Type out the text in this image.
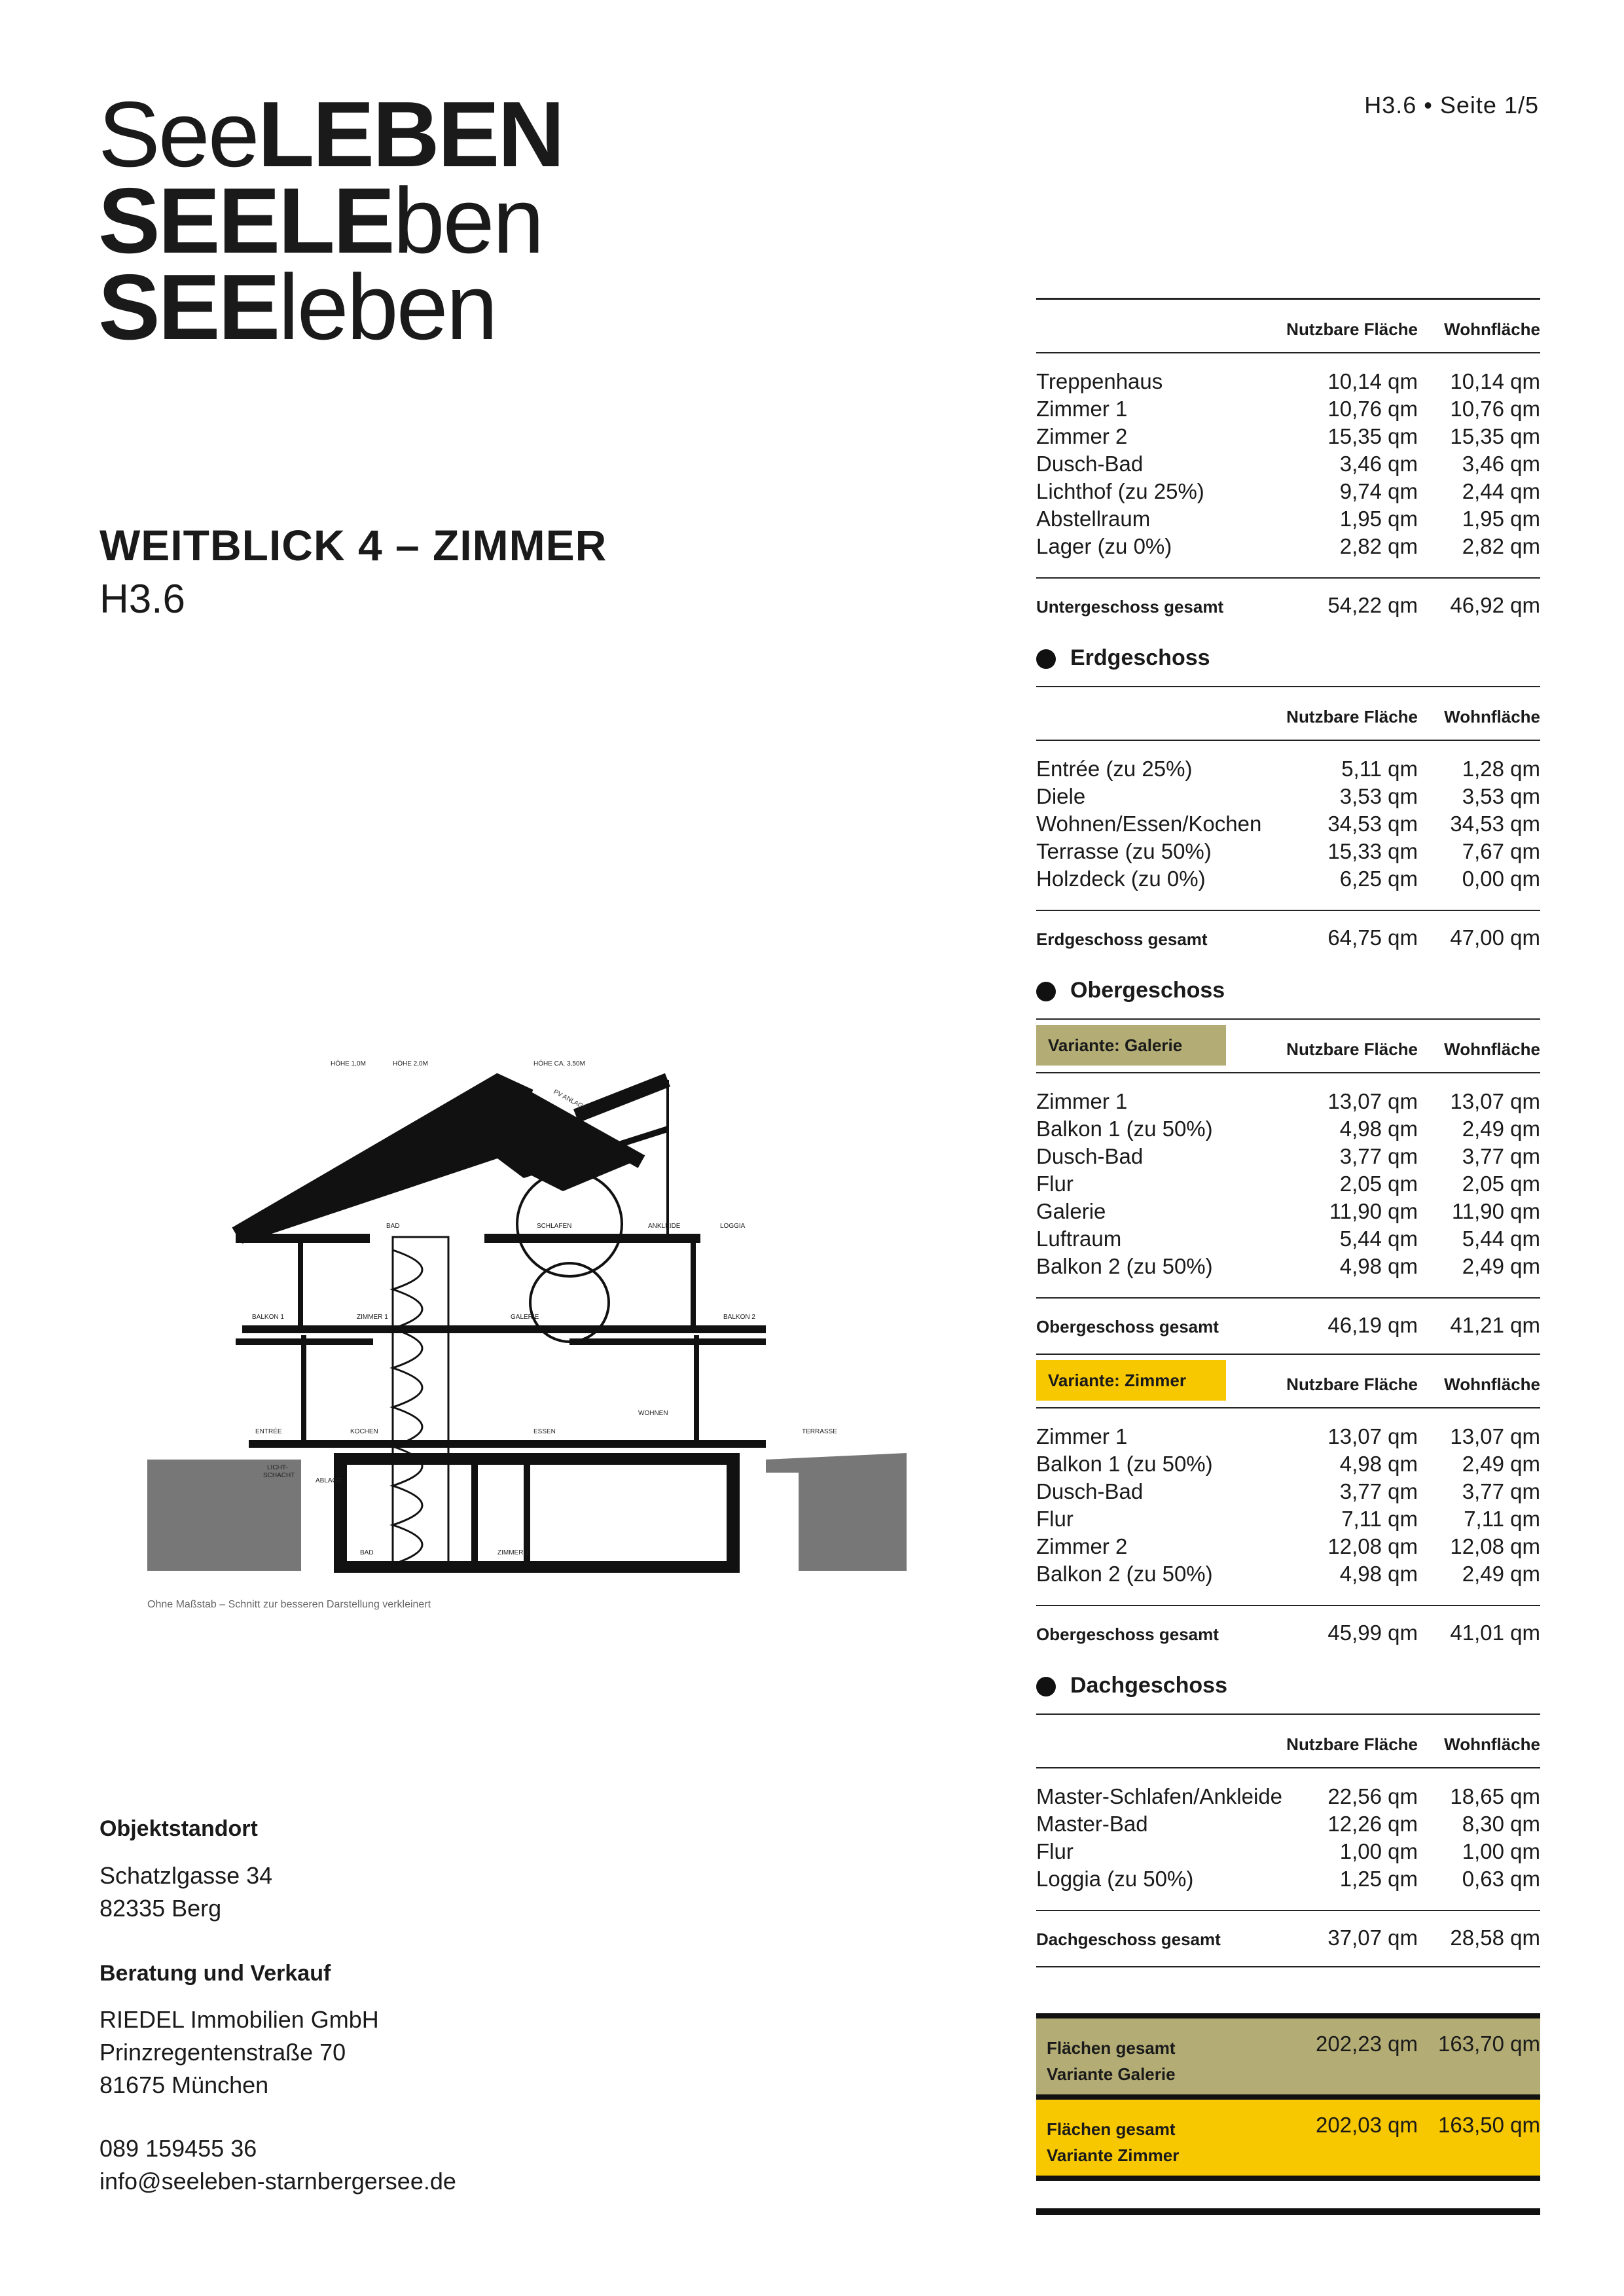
SeeLEBEN
SEELEben
SEEleben
H3.6 • Seite 1/5
WEITBLICK 4 – ZIMMER
H3.6
HÖHE 1,0M	HÖHE 2,0M	HÖHE CA. 3,50M
PV ANLAGE
BAD	SCHLAFEN	ANKLEIDE	LOGGIA
BALKON 1	ZIMMER 1	GALERIE	BALKON 2
ENTRÉE	KOCHEN	ESSEN
WOHNEN
TERRASSE
LICHT-
SCHACHT
ABLAGE
BAD	ZIMMER 1
Ohne Maßstab – Schnitt zur besseren Darstellung verkleinert
Objektstandort
Schatzlgasse 34
82335 Berg
Beratung und Verkauf
RIEDEL Immobilien GmbH
Prinzregentenstraße 70
81675 München
089 159455 36
info@seeleben-starnbergersee.de
Nutzbare Fläche Wohnfläche
Treppenhaus	10,14 qm 10,14 qm
Zimmer 1	10,76 qm 10,76 qm
Zimmer 2	15,35 qm 15,35 qm
Dusch-Bad	3,46 qm 3,46 qm
Lichthof (zu 25%)	9,74 qm 2,44 qm
Abstellraum	1,95 qm 1,95 qm
Lager (zu 0%)	2,82 qm 2,82 qm
Untergeschoss gesamt	54,22 qm 46,92 qm
Erdgeschoss
Nutzbare Fläche Wohnfläche
Entrée (zu 25%)	5,11 qm 1,28 qm
Diele	3,53 qm 3,53 qm
Wohnen/Essen/Kochen	34,53 qm 34,53 qm
Terrasse (zu 50%)	15,33 qm 7,67 qm
Holzdeck (zu 0%)	6,25 qm 0,00 qm
Erdgeschoss gesamt	64,75 qm 47,00 qm
Obergeschoss
Variante: Galerie	Nutzbare Fläche Wohnfläche
Zimmer 1	13,07 qm 13,07 qm
Balkon 1 (zu 50%)	4,98 qm 2,49 qm
Dusch-Bad	3,77 qm 3,77 qm
Flur	2,05 qm 2,05 qm
Galerie	11,90 qm 11,90 qm
Luftraum	5,44 qm 5,44 qm
Balkon 2 (zu 50%)	4,98 qm 2,49 qm
Obergeschoss gesamt	46,19 qm 41,21 qm
Variante: Zimmer	Nutzbare Fläche Wohnfläche
Zimmer 1	13,07 qm 13,07 qm
Balkon 1 (zu 50%)	4,98 qm 2,49 qm
Dusch-Bad	3,77 qm 3,77 qm
Flur	7,11 qm 7,11 qm
Zimmer 2	12,08 qm 12,08 qm
Balkon 2 (zu 50%)	4,98 qm 2,49 qm
Obergeschoss gesamt	45,99 qm 41,01 qm
Dachgeschoss
Nutzbare Fläche Wohnfläche
Master-Schlafen/Ankleide 22,56 qm 18,65 qm
Master-Bad	12,26 qm 8,30 qm
Flur	1,00 qm 1,00 qm
Loggia (zu 50%)	1,25 qm 0,63 qm
Dachgeschoss gesamt	37,07 qm 28,58 qm
Flächen gesamt
Variante Galerie
202,23 qm 163,70 qm
Flächen gesamt
Variante Zimmer
202,03 qm 163,50 qm
